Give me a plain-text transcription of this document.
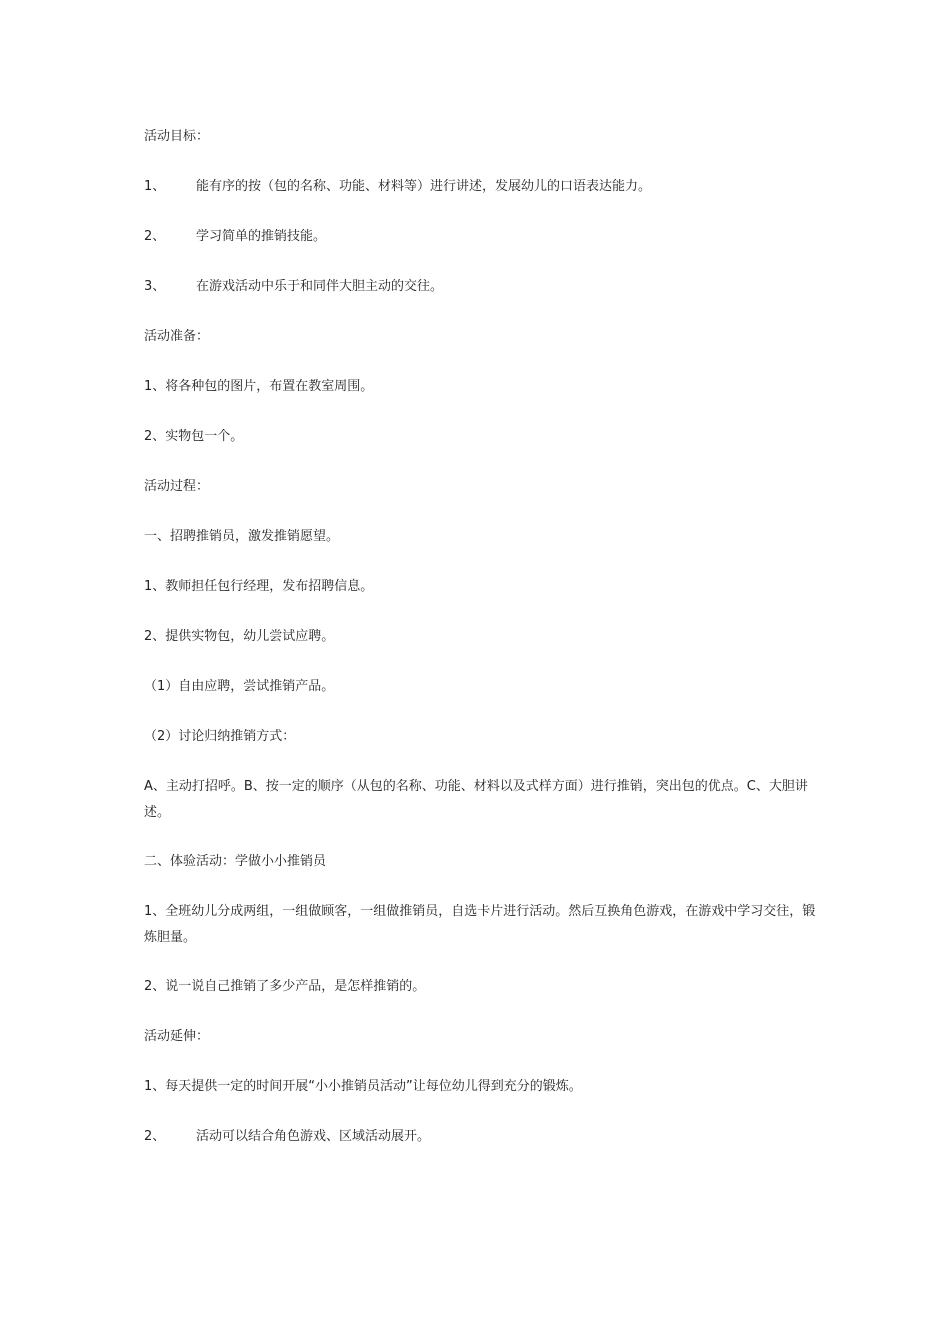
活动目标：
1、 能有序的按（包的名称、功能、材料等）进行讲述，发展幼儿的口语表达能力。
2、 学习简单的推销技能。
3、 在游戏活动中乐于和同伴大胆主动的交往。
活动准备：
1、将各种包的图片，布置在教室周围。
2、实物包一个。
活动过程：
一、招聘推销员，激发推销愿望。
1、教师担任包行经理，发布招聘信息。
2、提供实物包，幼儿尝试应聘。
（1）自由应聘，尝试推销产品。
（2）讨论归纳推销方式：
A、主动打招呼。B、按一定的顺序（从包的名称、功能、材料以及式样方面）进行推销，突出包的优点。C、大胆讲述。
二、体验活动：学做小小推销员
1、全班幼儿分成两组，一组做顾客，一组做推销员，自选卡片进行活动。然后互换角色游戏，在游戏中学习交往，锻炼胆量。
2、说一说自己推销了多少产品，是怎样推销的。
活动延伸：
1、每天提供一定的时间开展“小小推销员活动”让每位幼儿得到充分的锻炼。
2、 活动可以结合角色游戏、区域活动展开。
